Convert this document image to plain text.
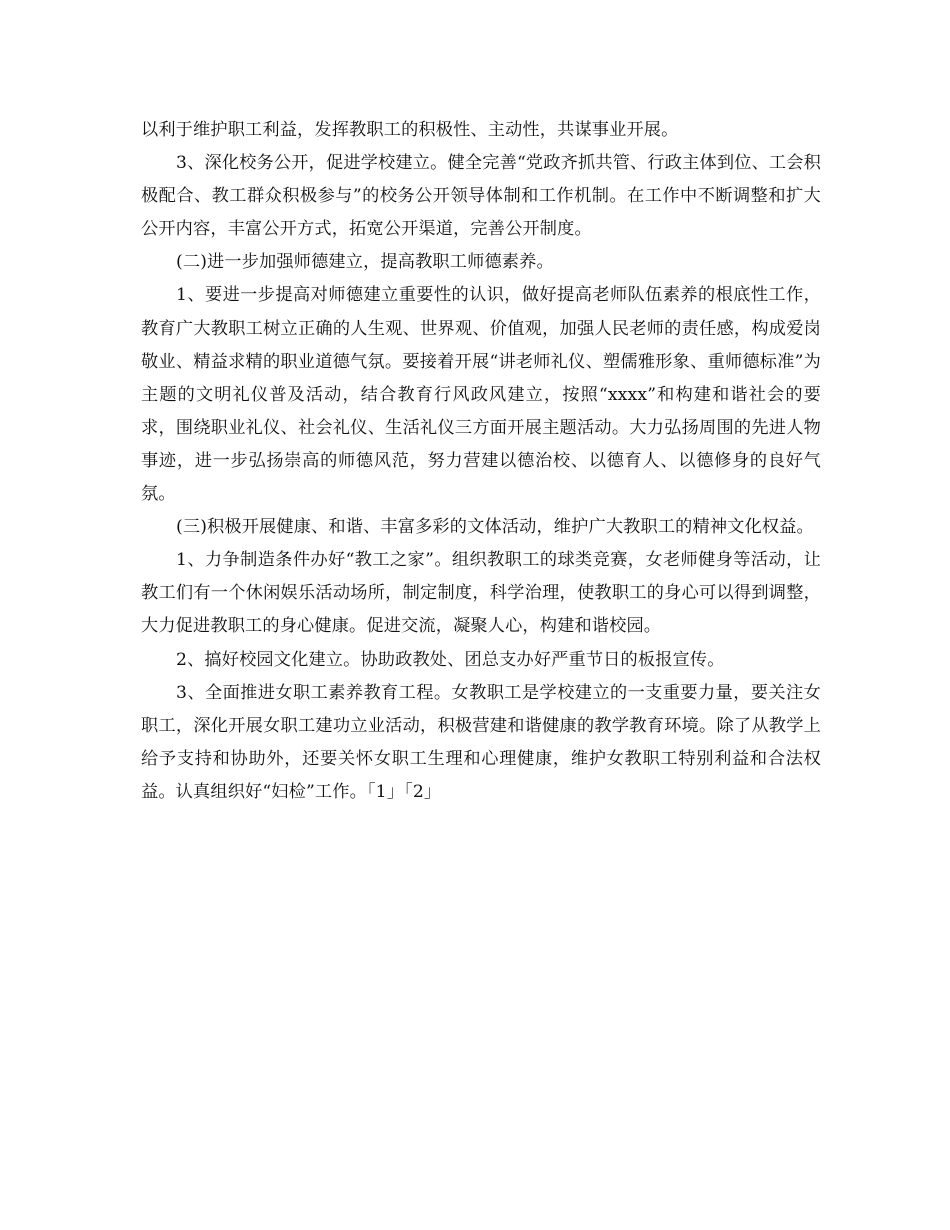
以利于维护职工利益，发挥教职工的积极性、主动性，共谋事业开展。

3、深化校务公开，促进学校建立。健全完善“党政齐抓共管、行政主体到位、工会积极配合、教工群众积极参与”的校务公开领导体制和工作机制。在工作中不断调整和扩大公开内容，丰富公开方式，拓宽公开渠道，完善公开制度。

(二)进一步加强师德建立，提高教职工师德素养。

1、要进一步提高对师德建立重要性的认识，做好提高老师队伍素养的根底性工作，教育广大教职工树立正确的人生观、世界观、价值观，加强人民老师的责任感，构成爱岗敬业、精益求精的职业道德气氛。要接着开展“讲老师礼仪、塑儒雅形象、重师德标准”为主题的文明礼仪普及活动，结合教育行风政风建立，按照“xxxx”和构建和谐社会的要求，围绕职业礼仪、社会礼仪、生活礼仪三方面开展主题活动。大力弘扬周围的先进人物事迹，进一步弘扬崇高的师德风范，努力营建以德治校、以德育人、以德修身的良好气氛。

(三)积极开展健康、和谐、丰富多彩的文体活动，维护广大教职工的精神文化权益。

1、力争制造条件办好“教工之家”。组织教职工的球类竞赛，女老师健身等活动，让教工们有一个休闲娱乐活动场所，制定制度，科学治理，使教职工的身心可以得到调整，大力促进教职工的身心健康。促进交流，凝聚人心，构建和谐校园。

2、搞好校园文化建立。协助政教处、团总支办好严重节日的板报宣传。

3、全面推进女职工素养教育工程。女教职工是学校建立的一支重要力量，要关注女职工，深化开展女职工建功立业活动，积极营建和谐健康的教学教育环境。除了从教学上给予支持和协助外，还要关怀女职工生理和心理健康，维护女教职工特别利益和合法权益。认真组织好“妇检”工作。「1」「2」
